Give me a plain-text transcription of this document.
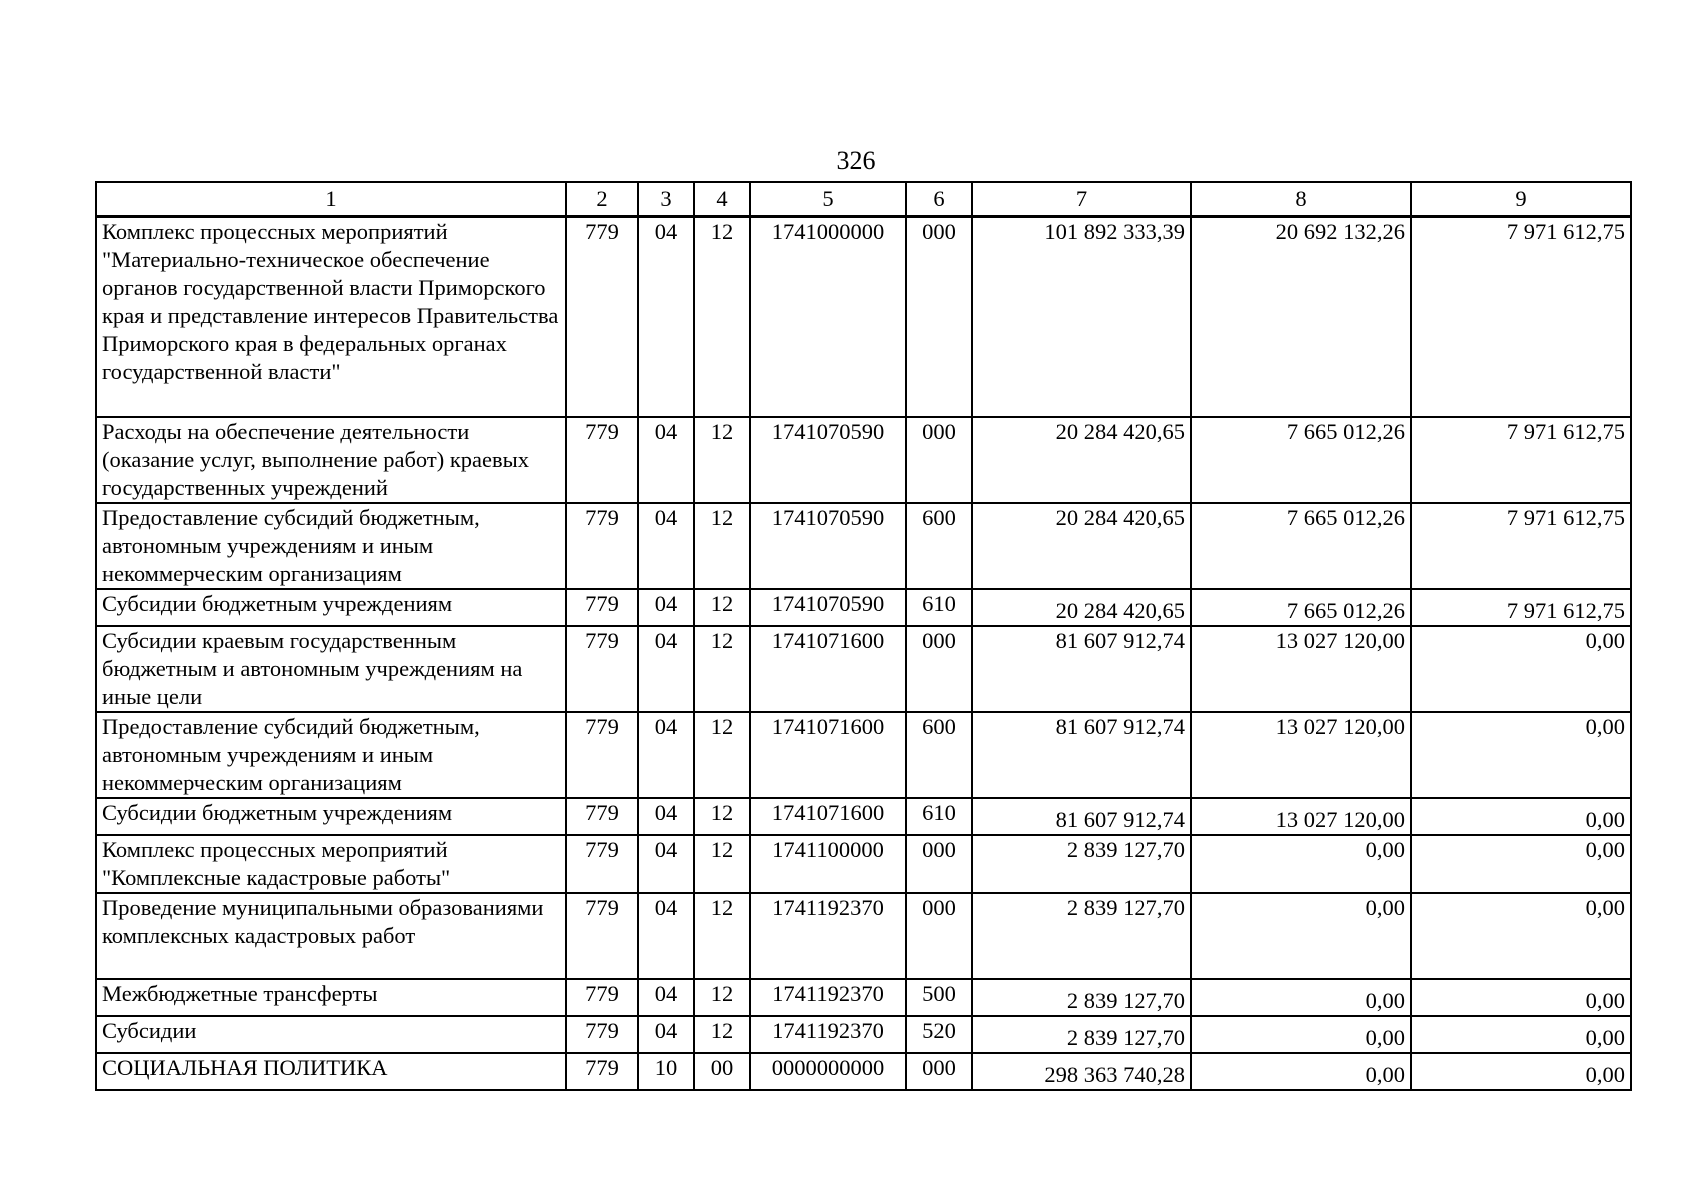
326
1	2	3	4	5	6	7	8	9
Комплекс процессных мероприятий "Материально-техническое обеспечение органов государственной власти Приморского края и представление интересов Правительства Приморского края в федеральных органах государственной власти"	779	04	12	1741000000	000	101 892 333,39	20 692 132,26	7 971 612,75
Расходы на обеспечение деятельности (оказание услуг, выполнение работ) краевых государственных учреждений	779	04	12	1741070590	000	20 284 420,65	7 665 012,26	7 971 612,75
Предоставление субсидий бюджетным, автономным учреждениям и иным некоммерческим организациям	779	04	12	1741070590	600	20 284 420,65	7 665 012,26	7 971 612,75
Субсидии бюджетным учреждениям	779	04	12	1741070590	610	20 284 420,65	7 665 012,26	7 971 612,75
Субсидии краевым государственным бюджетным и автономным учреждениям на иные цели	779	04	12	1741071600	000	81 607 912,74	13 027 120,00	0,00
Предоставление субсидий бюджетным, автономным учреждениям и иным некоммерческим организациям	779	04	12	1741071600	600	81 607 912,74	13 027 120,00	0,00
Субсидии бюджетным учреждениям	779	04	12	1741071600	610	81 607 912,74	13 027 120,00	0,00
Комплекс процессных мероприятий "Комплексные кадастровые работы"	779	04	12	1741100000	000	2 839 127,70	0,00	0,00
Проведение муниципальными образованиями комплексных кадастровых работ	779	04	12	1741192370	000	2 839 127,70	0,00	0,00
Межбюджетные трансферты	779	04	12	1741192370	500	2 839 127,70	0,00	0,00
Субсидии	779	04	12	1741192370	520	2 839 127,70	0,00	0,00
СОЦИАЛЬНАЯ ПОЛИТИКА	779	10	00	0000000000	000	298 363 740,28	0,00	0,00
